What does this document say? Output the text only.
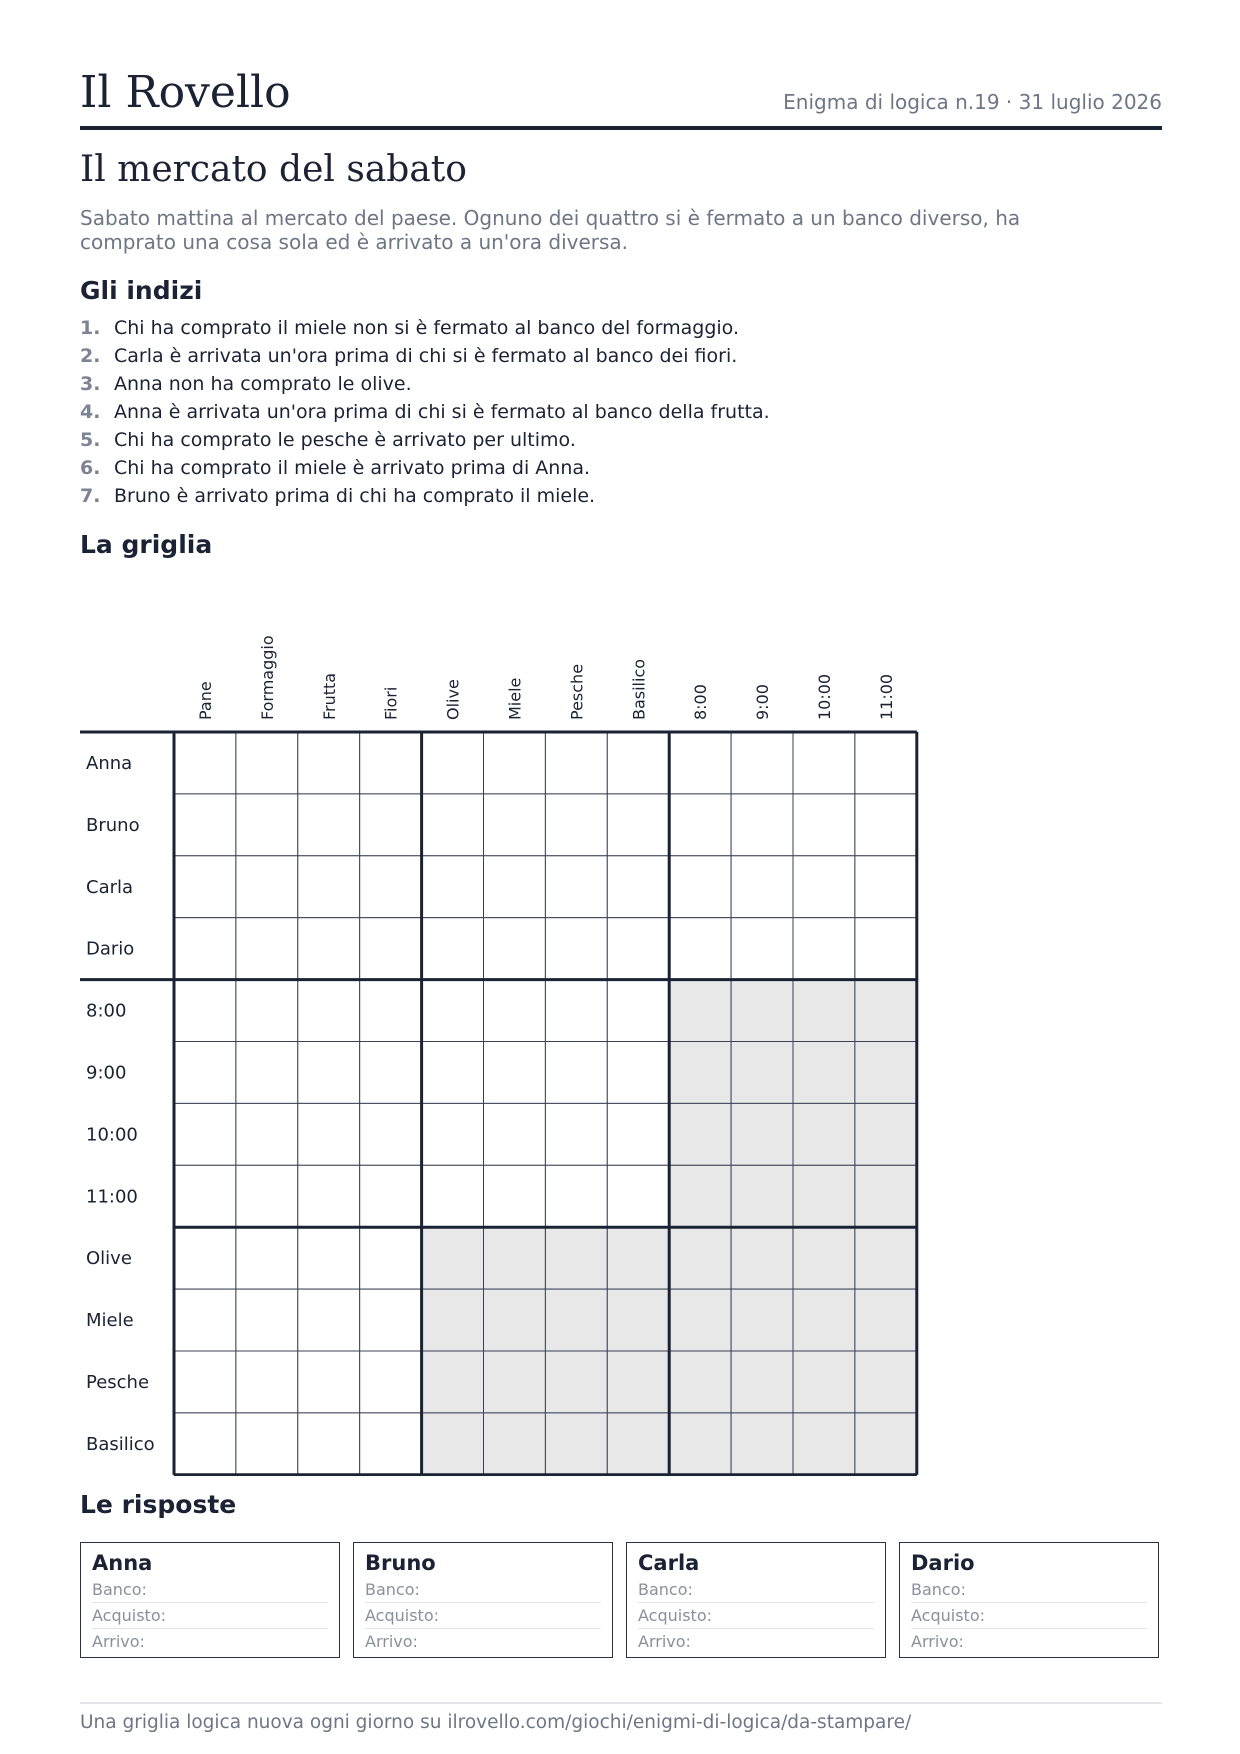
Il Rovello	Enigma di logica n.19 · 31 luglio 2026
Il mercato del sabato

Sabato mattina al mercato del paese. Ognuno dei quattro si è fermato a un banco diverso, ha comprato una cosa sola ed è arrivato a un'ora diversa.

Gli indizi
1. Chi ha comprato il miele non si è fermato al banco del formaggio.
2. Carla è arrivata un'ora prima di chi si è fermato al banco dei fiori.
3. Anna non ha comprato le olive.
4. Anna è arrivata un'ora prima di chi si è fermato al banco della frutta.
5. Chi ha comprato le pesche è arrivato per ultimo.
6. Chi ha comprato il miele è arrivato prima di Anna.
7. Bruno è arrivato prima di chi ha comprato il miele.
La griglia
Pane	Formaggio	Frutta	Fiori	Olive	Miele	Pesche	Basilico	8:00	9:00	10:00	11:00
Anna
Bruno
Carla
Dario
8:00
9:00
10:00
11:00
Olive
Miele
Pesche
Basilico
Le risposte
Anna
Banco:
Acquisto:
Arrivo:
Bruno
Banco:
Acquisto:
Arrivo:
Carla
Banco:
Acquisto:
Arrivo:
Dario
Banco:
Acquisto:
Arrivo:
Una griglia logica nuova ogni giorno su ilrovello.com/giochi/enigmi-di-logica/da-stampare/
